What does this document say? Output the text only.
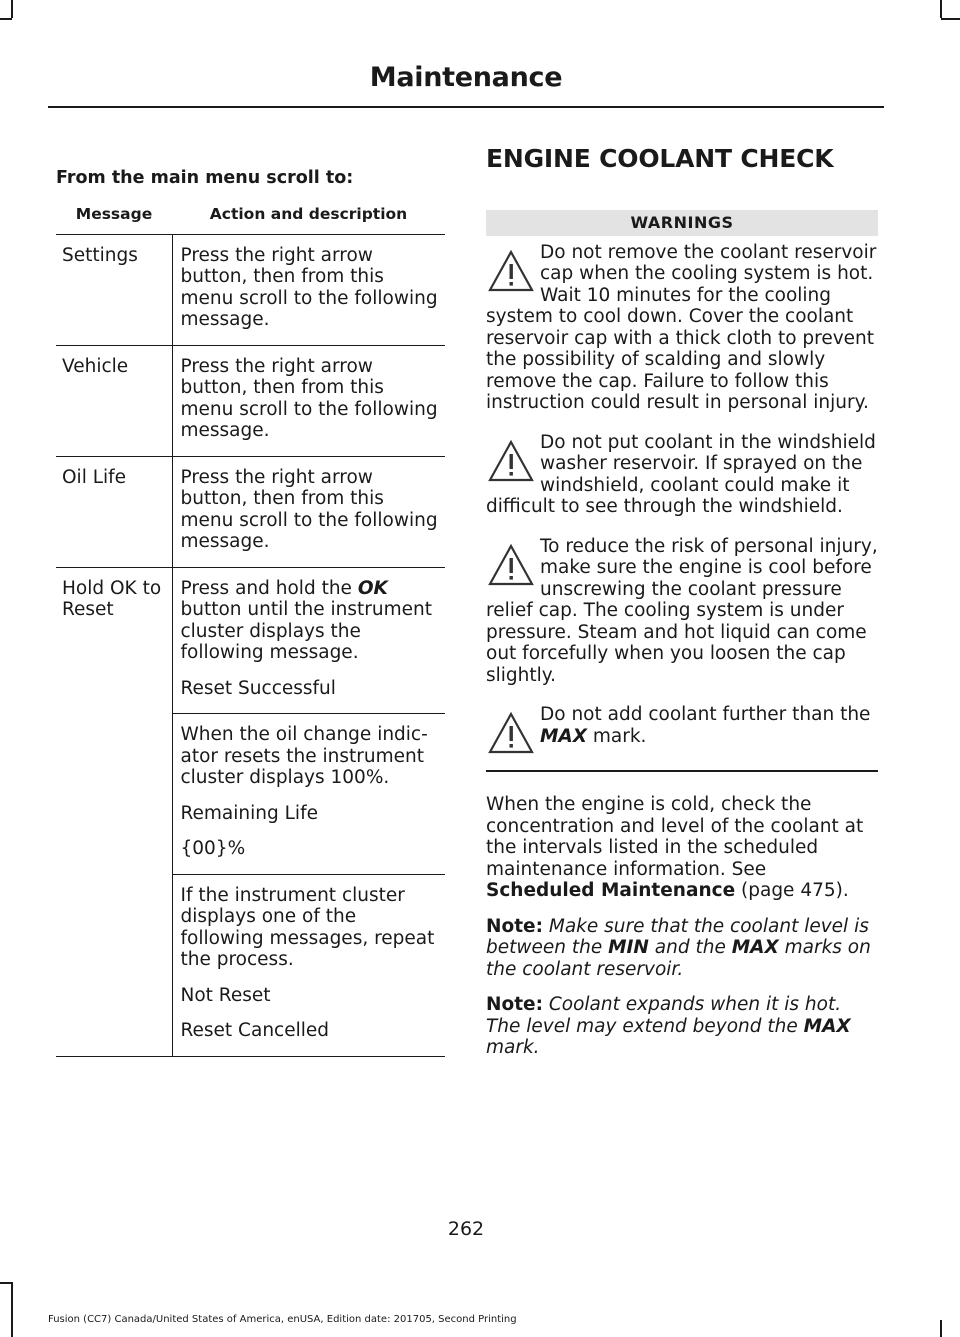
Maintenance
From the main menu scroll to:
Message	Action and description
Settings	Press the right arrow button, then from this menu scroll to the following message.
Vehicle	Press the right arrow button, then from this menu scroll to the following message.
Oil Life	Press the right arrow button, then from this menu scroll to the following message.
Hold OK to Reset	Press and hold the OK button until the instrument cluster displays the following message.
Reset Successful

	When the oil change indic-ator resets the instrument cluster displays 100%.
Remaining Life
{00}%

	If the instrument cluster displays one of the following messages, repeat the process.
Not Reset
Reset Cancelled
ENGINE COOLANT CHECK
WARNINGS
Do not remove the coolant reservoir cap when the cooling system is hot. Wait 10 minutes for the cooling system to cool down. Cover the coolant reservoir cap with a thick cloth to prevent the possibility of scalding and slowly remove the cap. Failure to follow this instruction could result in personal injury.
Do not put coolant in the windshield washer reservoir. If sprayed on the windshield, coolant could make it difficult to see through the windshield.
To reduce the risk of personal injury, make sure the engine is cool before unscrewing the coolant pressure relief cap. The cooling system is under pressure. Steam and hot liquid can come out forcefully when you loosen the cap slightly.
Do not add coolant further than the MAX mark.

When the engine is cold, check the concentration and level of the coolant at the intervals listed in the scheduled maintenance information. See Scheduled Maintenance (page 475).

Note: Make sure that the coolant level is between the MIN and the MAX marks on the coolant reservoir.

Note: Coolant expands when it is hot. The level may extend beyond the MAX mark.

262
Fusion (CC7) Canada/United States of America, enUSA, Edition date: 201705, Second Printing
